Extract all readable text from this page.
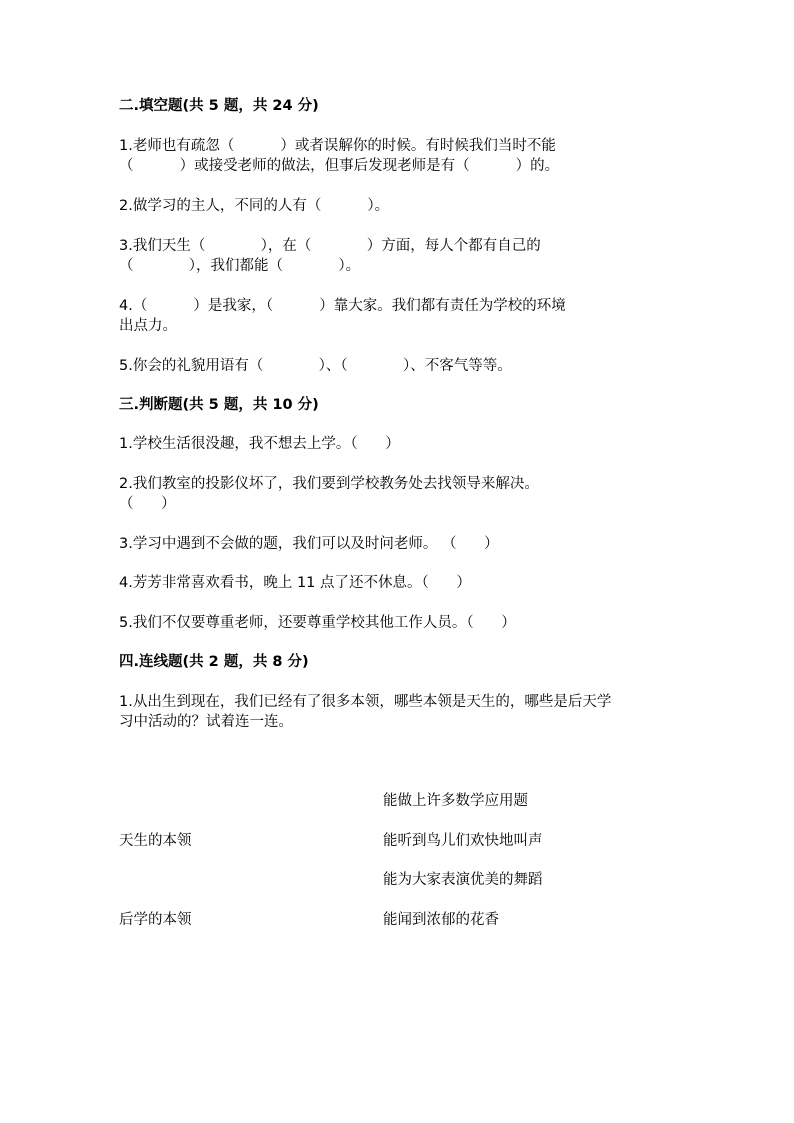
二.填空题(共 5 题，共 24 分)
1.老师也有疏忽（          ）或者误解你的时候。有时候我们当时不能
（          ）或接受老师的做法，但事后发现老师是有（          ）的。
2.做学习的主人，不同的人有（          ）。
3.我们天生（            ），在（            ）方面，每人个都有自己的
（            ），我们都能（            ）。
4.（          ）是我家，（          ）靠大家。我们都有责任为学校的环境
出点力。
5.你会的礼貌用语有（            ）、（            ）、不客气等等。
三.判断题(共 5 题，共 10 分)
1.学校生活很没趣，我不想去上学。（      ）
2.我们教室的投影仪坏了，我们要到学校教务处去找领导来解决。
（      ）
3.学习中遇到不会做的题，我们可以及时问老师。 （      ）
4.芳芳非常喜欢看书，晚上 11 点了还不休息。（      ）
5.我们不仅要尊重老师，还要尊重学校其他工作人员。（      ）
四.连线题(共 2 题，共 8 分)
1.从出生到现在，我们已经有了很多本领，哪些本领是天生的，哪些是后天学
习中活动的？试着连一连。
能做上许多数学应用题
天生的本领	能听到鸟儿们欢快地叫声
能为大家表演优美的舞蹈
后学的本领	能闻到浓郁的花香
